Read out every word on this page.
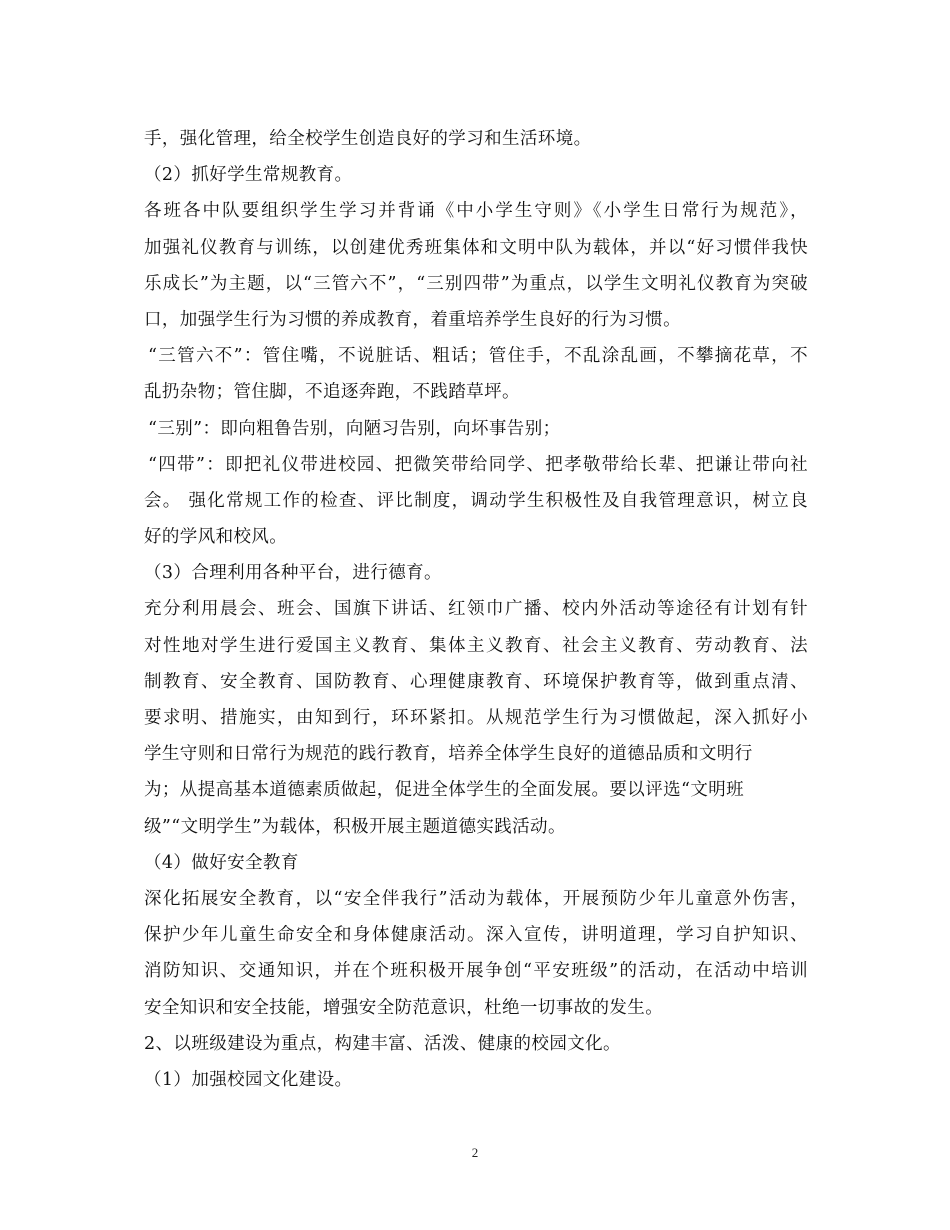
手，强化管理，给全校学生创造良好的学习和生活环境。
（2）抓好学生常规教育。
各班各中队要组织学生学习并背诵《中小学生守则》《小学生日常行为规范》，
加强礼仪教育与训练，以创建优秀班集体和文明中队为载体，并以“好习惯伴我快
乐成长”为主题，以“三管六不”，“三别四带”为重点，以学生文明礼仪教育为突破
口，加强学生行为习惯的养成教育，着重培养学生良好的行为习惯。
“三管六不”：管住嘴，不说脏话、粗话；管住手，不乱涂乱画，不攀摘花草，不
乱扔杂物；管住脚，不追逐奔跑，不践踏草坪。
“三别”：即向粗鲁告别，向陋习告别，向坏事告别；
“四带”：即把礼仪带进校园、把微笑带给同学、把孝敬带给长辈、把谦让带向社
会。 强化常规工作的检查、评比制度，调动学生积极性及自我管理意识，树立良
好的学风和校风。
（3）合理利用各种平台，进行德育。
充分利用晨会、班会、国旗下讲话、红领巾广播、校内外活动等途径有计划有针
对性地对学生进行爱国主义教育、集体主义教育、社会主义教育、劳动教育、法
制教育、安全教育、国防教育、心理健康教育、环境保护教育等，做到重点清、
要求明、措施实，由知到行，环环紧扣。从规范学生行为习惯做起，深入抓好小
学生守则和日常行为规范的践行教育，培养全体学生良好的道德品质和文明行
为；从提高基本道德素质做起，促进全体学生的全面发展。要以评选“文明班
级”“文明学生”为载体，积极开展主题道德实践活动。
（4）做好安全教育
深化拓展安全教育，以“安全伴我行”活动为载体，开展预防少年儿童意外伤害，
保护少年儿童生命安全和身体健康活动。深入宣传，讲明道理，学习自护知识、
消防知识、交通知识，并在个班积极开展争创“平安班级”的活动，在活动中培训
安全知识和安全技能，增强安全防范意识，杜绝一切事故的发生。
2、以班级建设为重点，构建丰富、活泼、健康的校园文化。
（1）加强校园文化建设。
2
